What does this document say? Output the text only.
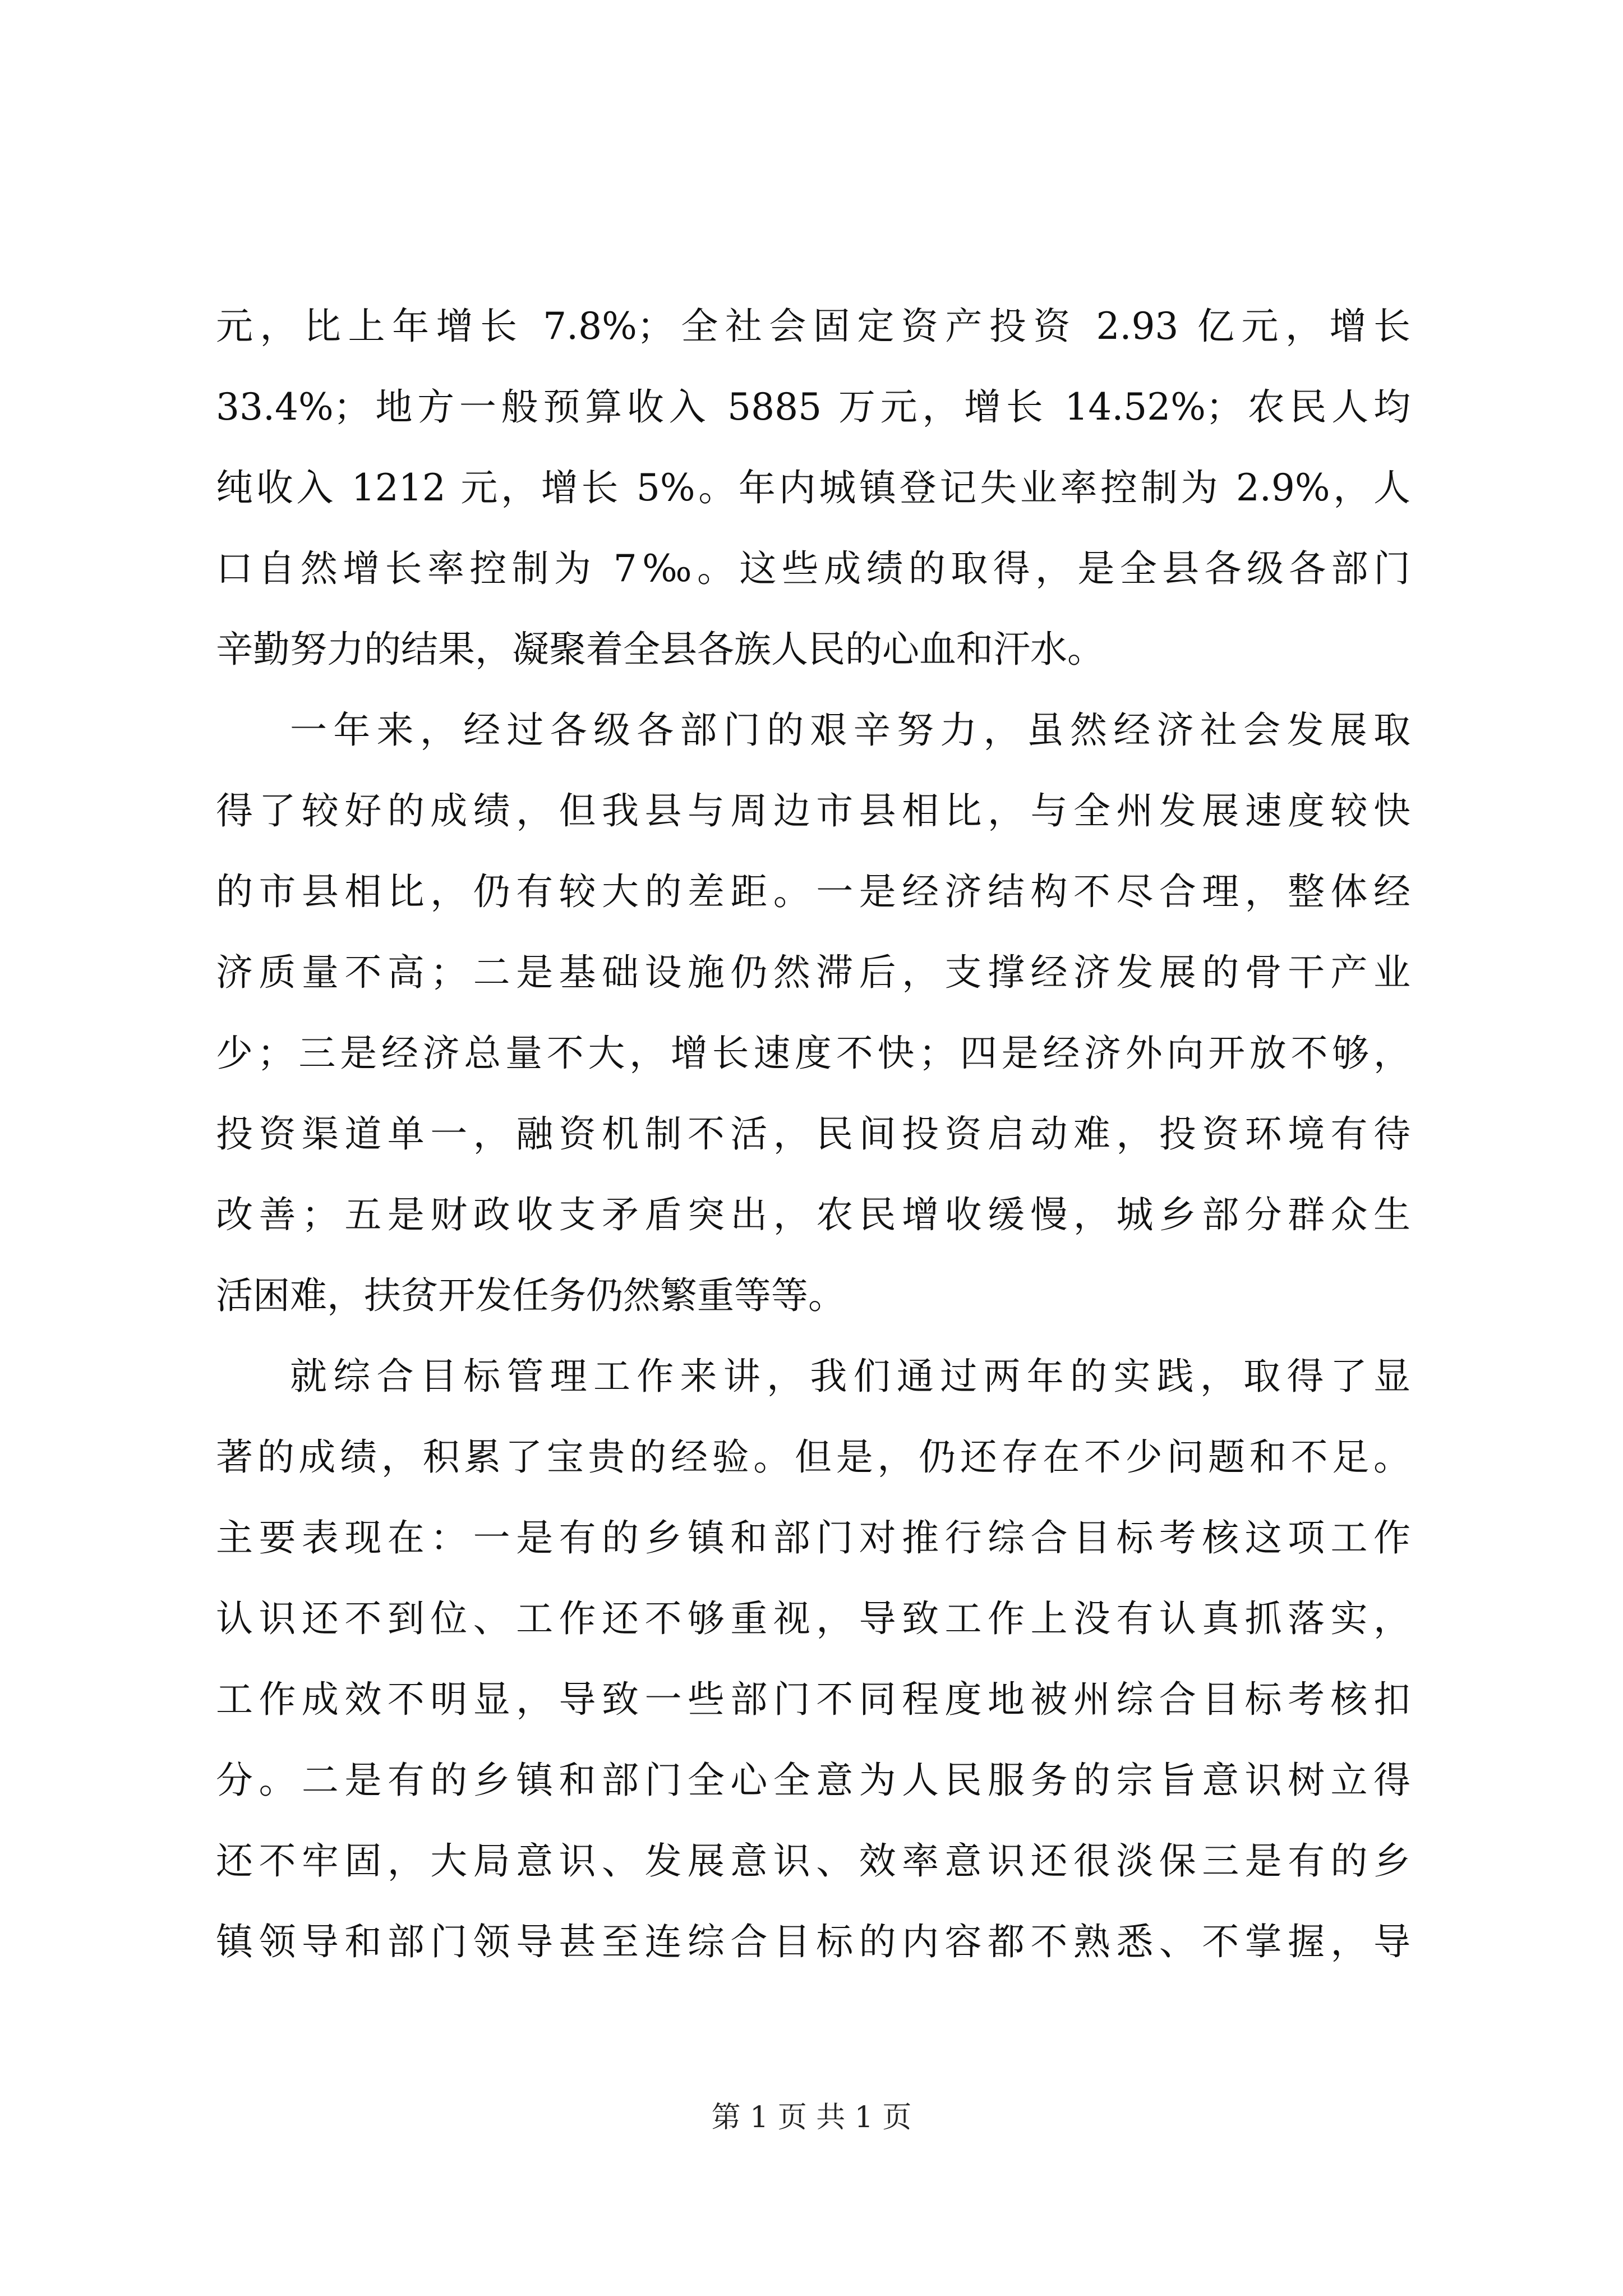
元，比上年增长 7.8%；全社会固定资产投资 2.93 亿元，增长
33.4%；地方一般预算收入 5885 万元，增长 14.52%；农民人均
纯收入 1212 元，增长 5%。年内城镇登记失业率控制为 2.9%，人
口自然增长率控制为 7‰。这些成绩的取得，是全县各级各部门
辛勤努力的结果，凝聚着全县各族人民的心血和汗水。
一年来，经过各级各部门的艰辛努力，虽然经济社会发展取
得了较好的成绩，但我县与周边市县相比，与全州发展速度较快
的市县相比，仍有较大的差距。一是经济结构不尽合理，整体经
济质量不高；二是基础设施仍然滞后，支撑经济发展的骨干产业
少；三是经济总量不大，增长速度不快；四是经济外向开放不够，
投资渠道单一，融资机制不活，民间投资启动难，投资环境有待
改善；五是财政收支矛盾突出，农民增收缓慢，城乡部分群众生
活困难，扶贫开发任务仍然繁重等等。
就综合目标管理工作来讲，我们通过两年的实践，取得了显
著的成绩，积累了宝贵的经验。但是，仍还存在不少问题和不足。
主要表现在：一是有的乡镇和部门对推行综合目标考核这项工作
认识还不到位、工作还不够重视，导致工作上没有认真抓落实，
工作成效不明显，导致一些部门不同程度地被州综合目标考核扣
分。二是有的乡镇和部门全心全意为人民服务的宗旨意识树立得
还不牢固，大局意识、发展意识、效率意识还很淡保三是有的乡
镇领导和部门领导甚至连综合目标的内容都不熟悉、不掌握，导
第 1 页 共 1 页
